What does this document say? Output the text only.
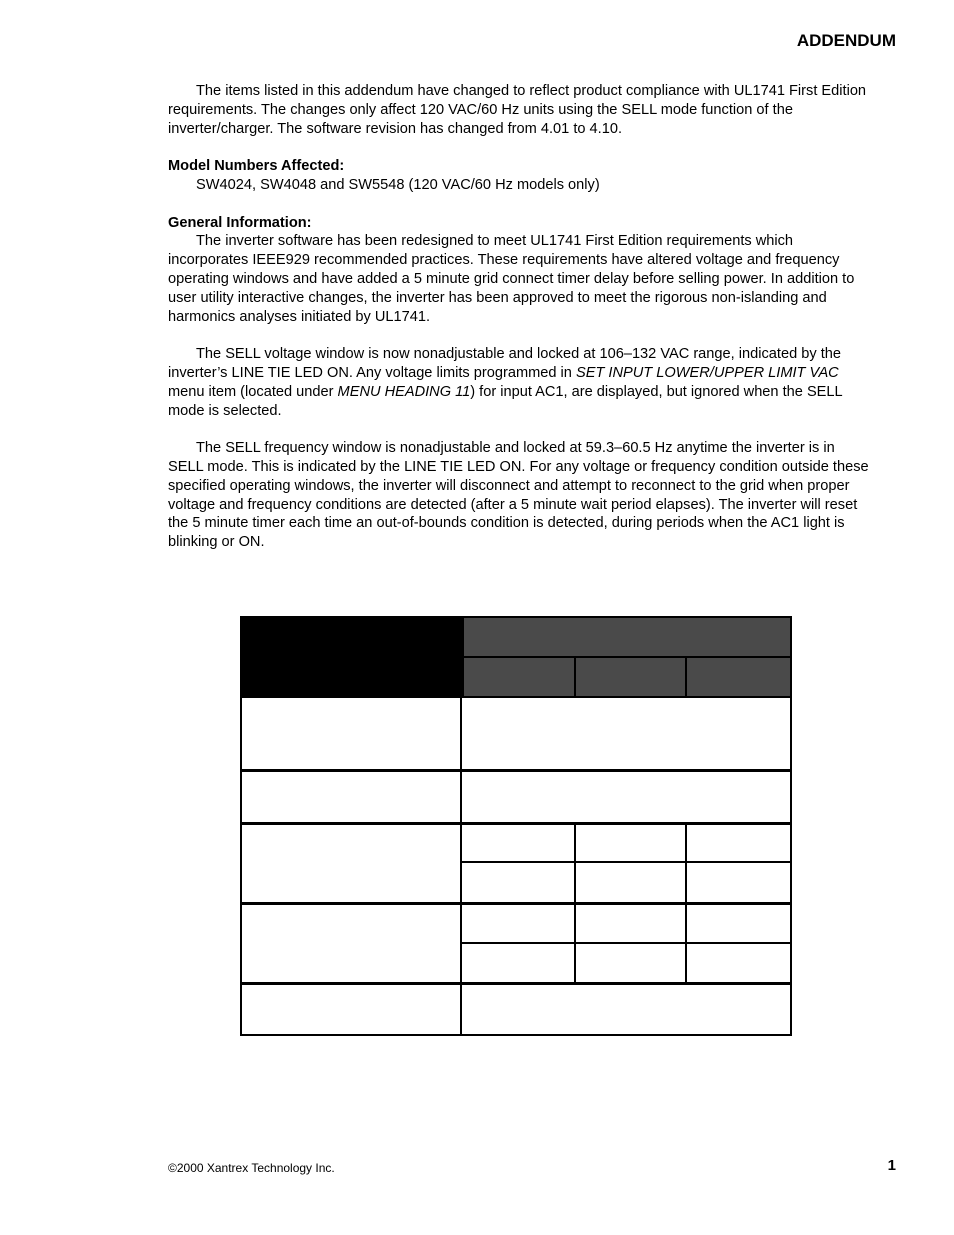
ADDENDUM

The items listed in this addendum have changed to reflect product compliance with UL1741 First Edition requirements. The changes only affect 120 VAC/60 Hz units using the SELL mode function of the inverter/charger. The software revision has changed from 4.01 to 4.10.

Model Numbers Affected:

SW4024, SW4048 and SW5548 (120 VAC/60 Hz models only)

General Information:

The inverter software has been redesigned to meet UL1741 First Edition requirements which incorporates IEEE929 recommended practices. These requirements have altered voltage and frequency operating windows and have added a 5 minute grid connect timer delay before selling power. In addition to user utility interactive changes, the inverter has been approved to meet the rigorous non-islanding and harmonics analyses initiated by UL1741.

The SELL voltage window is now nonadjustable and locked at 106–132 VAC range, indicated by the inverter’s LINE TIE LED ON. Any voltage limits programmed in SET INPUT LOWER/UPPER LIMIT VAC menu item (located under MENU HEADING 11) for input AC1, are displayed, but ignored when the SELL mode is selected.

The SELL frequency window is nonadjustable and locked at 59.3–60.5 Hz anytime the inverter is in SELL mode. This is indicated by the LINE TIE LED ON. For any voltage or frequency condition outside these specified operating windows, the inverter will disconnect and attempt to reconnect to the grid when proper voltage and frequency conditions are detected (after a 5 minute wait period elapses). The inverter will reset the 5 minute timer each time an out-of-bounds condition is detected, during periods when the AC1 light is blinking or ON.

©2000 Xantrex Technology Inc.	1
